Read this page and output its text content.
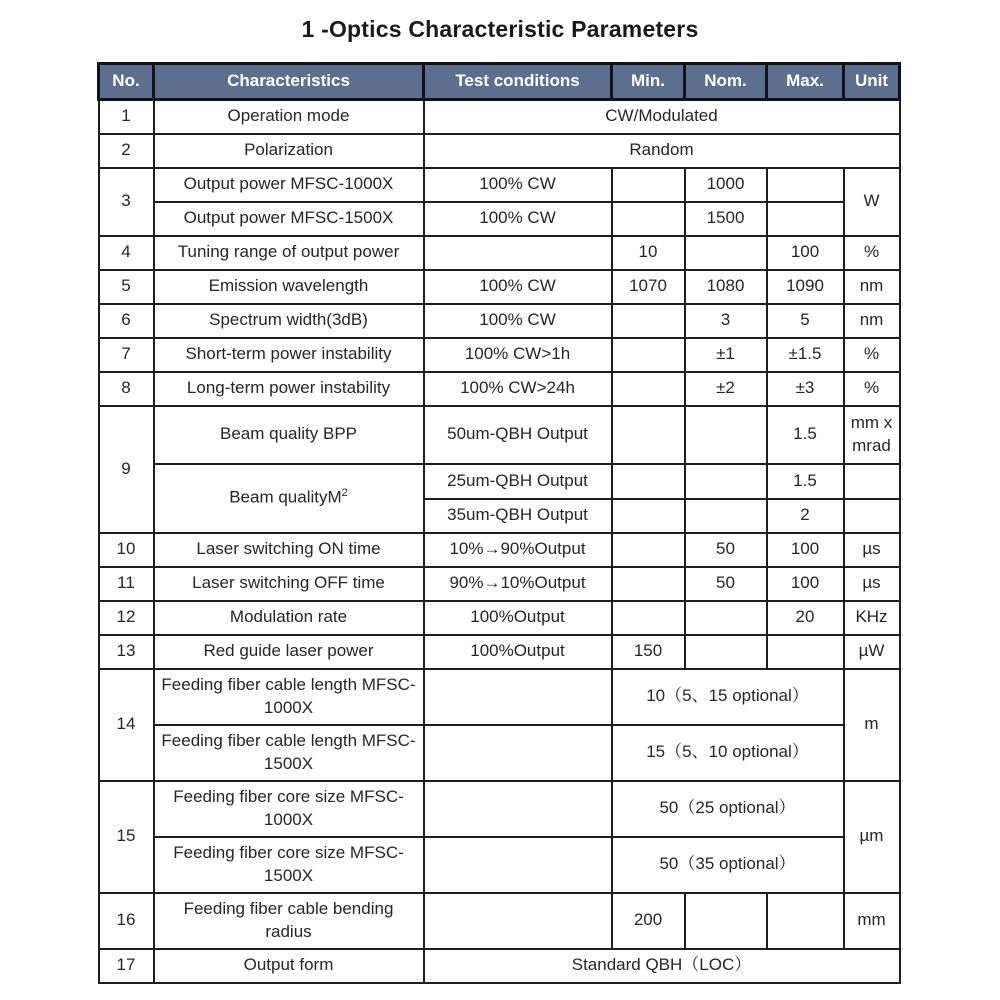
1 -Optics Characteristic Parameters
No.	Characteristics	Test conditions	Min.	Nom.	Max.	Unit
1	Operation mode	CW/Modulated				
2	Polarization	Random				
3	Output power MFSC-1000X	100% CW		1000		W
	Output power MFSC-1500X	100% CW		1500		
4	Tuning range of output power		10		100	%
5	Emission wavelength	100% CW	1070	1080	1090	nm
6	Spectrum width(3dB)	100% CW		3	5	nm
7	Short-term power instability	100% CW>1h		±1	±1.5	%
8	Long-term power instability	100% CW>24h		±2	±3	%
9	Beam quality BPP	50um-QBH Output			1.5	mm x mrad
	Beam qualityM$^2$	25um-QBH Output			1.5	
		35um-QBH Output			2	
10	Laser switching ON time	10%→90%Output		50	100	µs
11	Laser switching OFF time	90%→10%Output		50	100	µs
12	Modulation rate	100%Output			20	KHz
13	Red guide laser power	100%Output	150			µW
14	Feeding fiber cable length MFSC-1000X		10（5、15 optional）			m
	Feeding fiber cable length MFSC-1500X		15（5、10 optional）			
15	Feeding fiber core size MFSC-1000X		50（25 optional）			µm
	Feeding fiber core size MFSC-1500X		50（35 optional）			
16	Feeding fiber cable bending radius		200			mm
17	Output form	Standard QBH（LOC）				
